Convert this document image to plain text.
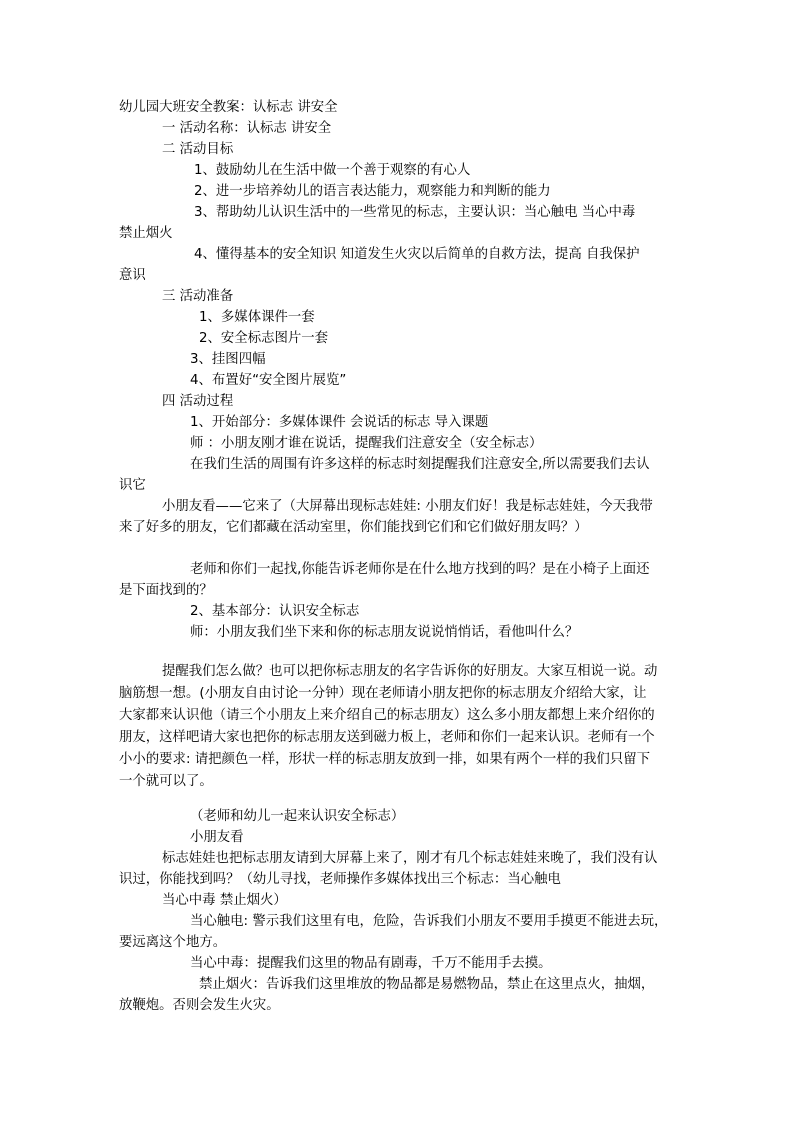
幼儿园大班安全教案：认标志 讲安全
一 活动名称：认标志 讲安全
二 活动目标
1、鼓励幼儿在生活中做一个善于观察的有心人
2、进一步培养幼儿的语言表达能力，观察能力和判断的能力
3、帮助幼儿认识生活中的一些常见的标志，主要认识：当心触电 当心中毒
禁止烟火
4、懂得基本的安全知识 知道发生火灾以后简单的自救方法，提高 自我保护
意识
三 活动准备
1、多媒体课件一套
2、安全标志图片一套
3、挂图四幅
4、布置好“安全图片展览”
四 活动过程
1、开始部分：多媒体课件 会说话的标志 导入课题
师 ：小朋友刚才谁在说话，提醒我们注意安全（安全标志）
在我们生活的周围有许多这样的标志时刻提醒我们注意安全,所以需要我们去认
识它
小朋友看——它来了（大屏幕出现标志娃娃: 小朋友们好！我是标志娃娃，今天我带
来了好多的朋友，它们都藏在活动室里，你们能找到它们和它们做好朋友吗？）
老师和你们一起找,你能告诉老师你是在什么地方找到的吗？是在小椅子上面还
是下面找到的？
2、基本部分：认识安全标志
师：小朋友我们坐下来和你的标志朋友说说悄悄话，看他叫什么？
提醒我们怎么做？也可以把你标志朋友的名字告诉你的好朋友。大家互相说一说。动
脑筋想一想。(小朋友自由讨论一分钟）现在老师请小朋友把你的标志朋友介绍给大家，让
大家都来认识他（请三个小朋友上来介绍自己的标志朋友）这么多小朋友都想上来介绍你的
朋友，这样吧请大家也把你的标志朋友送到磁力板上，老师和你们一起来认识。老师有一个
小小的要求: 请把颜色一样，形状一样的标志朋友放到一排，如果有两个一样的我们只留下
一个就可以了。
（老师和幼儿一起来认识安全标志）
小朋友看
标志娃娃也把标志朋友请到大屏幕上来了，刚才有几个标志娃娃来晚了，我们没有认
识过，你能找到吗？（幼儿寻找，老师操作多媒体找出三个标志：当心触电
当心中毒 禁止烟火）
当心触电: 警示我们这里有电，危险，告诉我们小朋友不要用手摸更不能进去玩，
要远离这个地方。
当心中毒：提醒我们这里的物品有剧毒，千万不能用手去摸。
禁止烟火：告诉我们这里堆放的物品都是易燃物品，禁止在这里点火，抽烟，
放鞭炮。否则会发生火灾。
